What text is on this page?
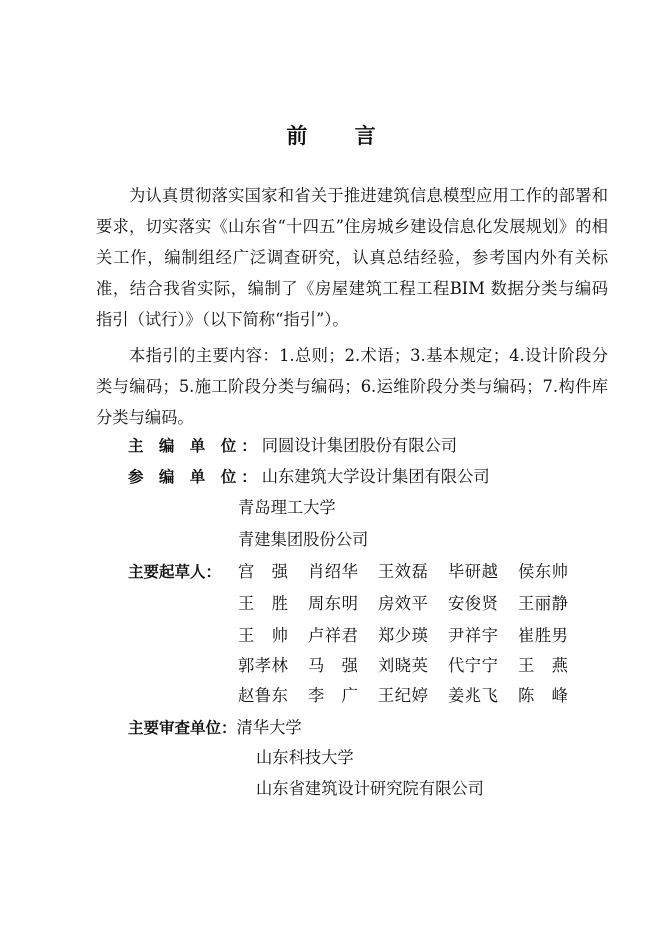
前 言
为认真贯彻落实国家和省关于推进建筑信息模型应用工作的部署和要求，切实落实《山东省“十四五”住房城乡建设信息化发展规划》的相关工作，编制组经广泛调查研究，认真总结经验，参考国内外有关标准，结合我省实际，编制了《房屋建筑工程工程BIM 数据分类与编码指引（试行）》（以下简称“指引”）。
本指引的主要内容：1.总则；2.术语；3.基本规定；4.设计阶段分类与编码；5.施工阶段分类与编码；6.运维阶段分类与编码；7.构件库分类与编码。
主 编 单 位：同圆设计集团股份有限公司
参 编 单 位：山东建筑大学设计集团有限公司
青岛理工大学
青建集团股份公司
主要起草人： 宫　强 肖绍华 王效磊 毕研越 侯东帅
王　胜 周东明 房效平 安俊贤 王丽静
王　帅 卢祥君 郑少瑛 尹祥宇 崔胜男
郭孝林 马　强 刘晓英 代宁宁 王　燕
赵鲁东 李　广 王纪婷 姜兆飞 陈　峰
主要审查单位：清华大学
山东科技大学
山东省建筑设计研究院有限公司
